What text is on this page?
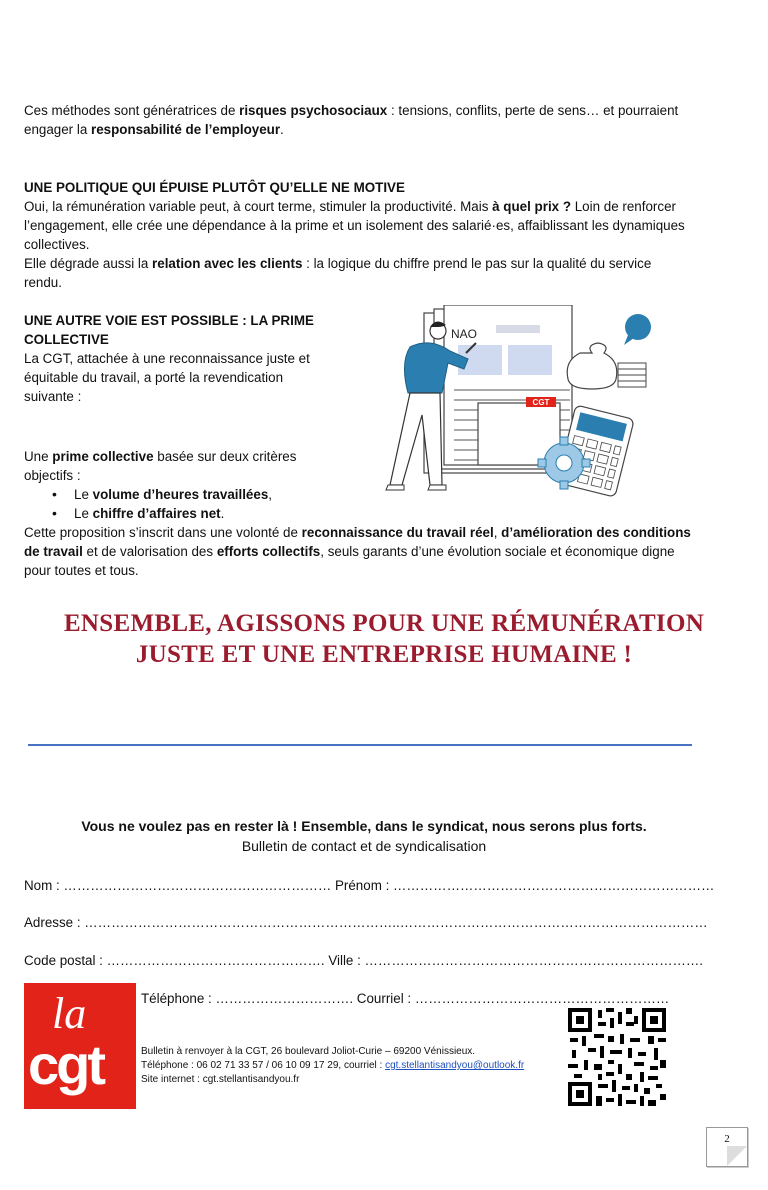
Ces méthodes sont génératrices de risques psychosociaux : tensions, conflits, perte de sens… et pourraient engager la responsabilité de l’employeur.

UNE POLITIQUE QUI ÉPUISE PLUTÔT QU’ELLE NE MOTIVE

Oui, la rémunération variable peut, à court terme, stimuler la productivité. Mais à quel prix ? Loin de renforcer l’engagement, elle crée une dépendance à la prime et un isolement des salarié·es, affaiblissant les dynamiques collectives.

Elle dégrade aussi la relation avec les clients : la logique du chiffre prend le pas sur la qualité du service rendu.

UNE AUTRE VOIE EST POSSIBLE : LA PRIME
COLLECTIVE

La CGT, attachée à une reconnaissance juste et équitable du travail, a porté la revendication suivante :

Une prime collective basée sur deux critères objectifs :

• Le volume d’heures travaillées,
• Le chiffre d’affaires net.

Cette proposition s’inscrit dans une volonté de reconnaissance du travail réel, d’amélioration des conditions de travail et de valorisation des efforts collectifs, seuls garants d’une évolution sociale et économique digne pour toutes et tous.

CGT
NAO
ENSEMBLE, AGISSONS POUR UNE RÉMUNÉRATION
JUSTE ET UNE ENTREPRISE HUMAINE !
Vous ne voulez pas en rester là ! Ensemble, dans le syndicat, nous serons plus forts.
Bulletin de contact et de syndicalisation
Nom : …………………………………………………… Prénom : ………………………………………………………………
Adresse : ……………………………………………………………..……………………………………………………………
Code postal : …………………………………………. Ville : ………………………………………………………………….
Téléphone : …………………………. Courriel : …………………………………………………
la
cgt	Bulletin à renvoyer à la CGT, 26 boulevard Joliot-Curie – 69200 Vénissieux.
Téléphone : 06 02 71 33 57 / 06 10 09 17 29, courriel : cgt.stellantisandyou@outlook.fr
Site internet : cgt.stellantisandyou.fr
2
